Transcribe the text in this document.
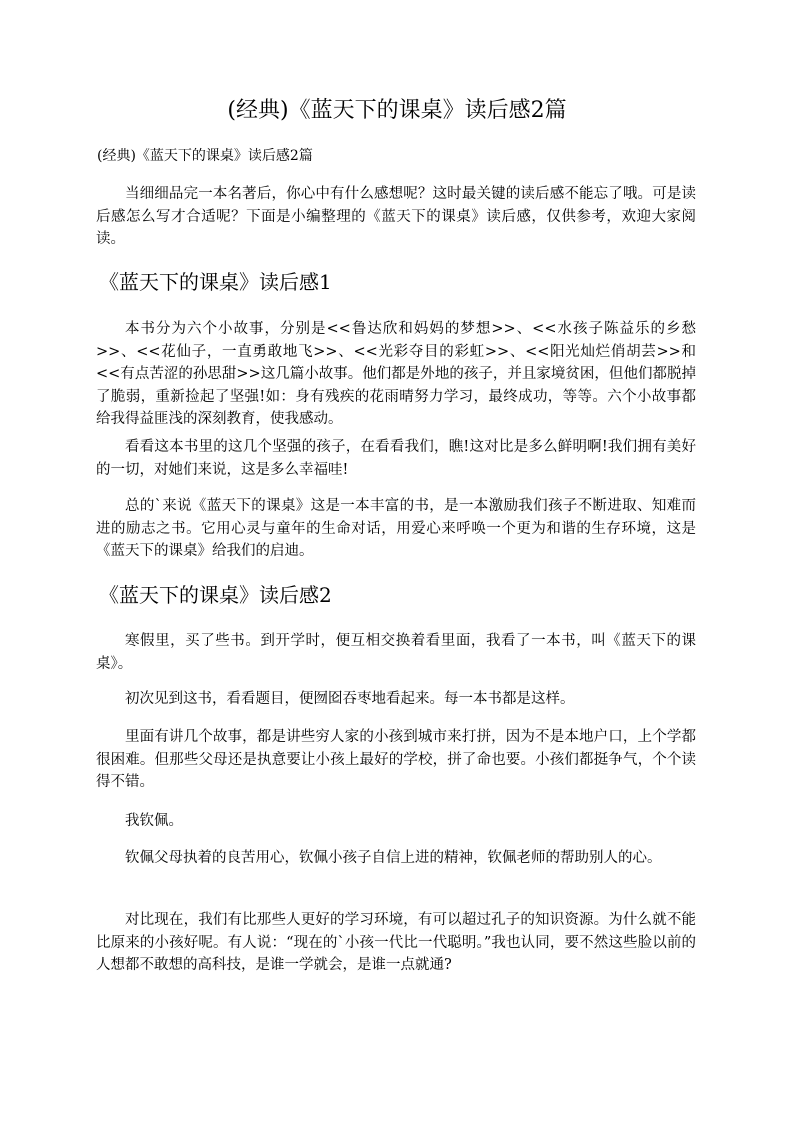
(经典)《蓝天下的课桌》读后感2篇

(经典)《蓝天下的课桌》读后感2篇

当细细品完一本名著后，你心中有什么感想呢？这时最关键的读后感不能忘了哦。可是读后感怎么写才合适呢？下面是小编整理的《蓝天下的课桌》读后感，仅供参考，欢迎大家阅读。

《蓝天下的课桌》读后感1

本书分为六个小故事，分别是<<鲁达欣和妈妈的梦想>>、<<水孩子陈益乐的乡愁>>、<<花仙子，一直勇敢地飞>>、<<光彩夺目的彩虹>>、<<阳光灿烂俏胡芸>>和<<有点苦涩的孙思甜>>这几篇小故事。他们都是外地的孩子，并且家境贫困，但他们都脱掉了脆弱，重新捡起了坚强!如：身有残疾的花雨晴努力学习，最终成功，等等。六个小故事都给我得益匪浅的深刻教育，使我感动。

看看这本书里的这几个坚强的孩子，在看看我们，瞧!这对比是多么鲜明啊!我们拥有美好的一切，对她们来说，这是多么幸福哇!

总的`来说《蓝天下的课桌》这是一本丰富的书，是一本激励我们孩子不断进取、知难而进的励志之书。它用心灵与童年的生命对话，用爱心来呼唤一个更为和谐的生存环境，这是《蓝天下的课桌》给我们的启迪。

《蓝天下的课桌》读后感2

寒假里，买了些书。到开学时，便互相交换着看里面，我看了一本书，叫《蓝天下的课桌》。

初次见到这书，看看题目，便囫囵吞枣地看起来。每一本书都是这样。

里面有讲几个故事，都是讲些穷人家的小孩到城市来打拼，因为不是本地户口，上个学都很困难。但那些父母还是执意要让小孩上最好的学校，拼了命也要。小孩们都挺争气，个个读得不错。

我钦佩。

钦佩父母执着的良苦用心，钦佩小孩子自信上进的精神，钦佩老师的帮助别人的心。

对比现在，我们有比那些人更好的学习环境，有可以超过孔子的知识资源。为什么就不能比原来的小孩好呢。有人说：“现在的`小孩一代比一代聪明。”我也认同，要不然这些脸以前的人想都不敢想的高科技，是谁一学就会，是谁一点就通?
